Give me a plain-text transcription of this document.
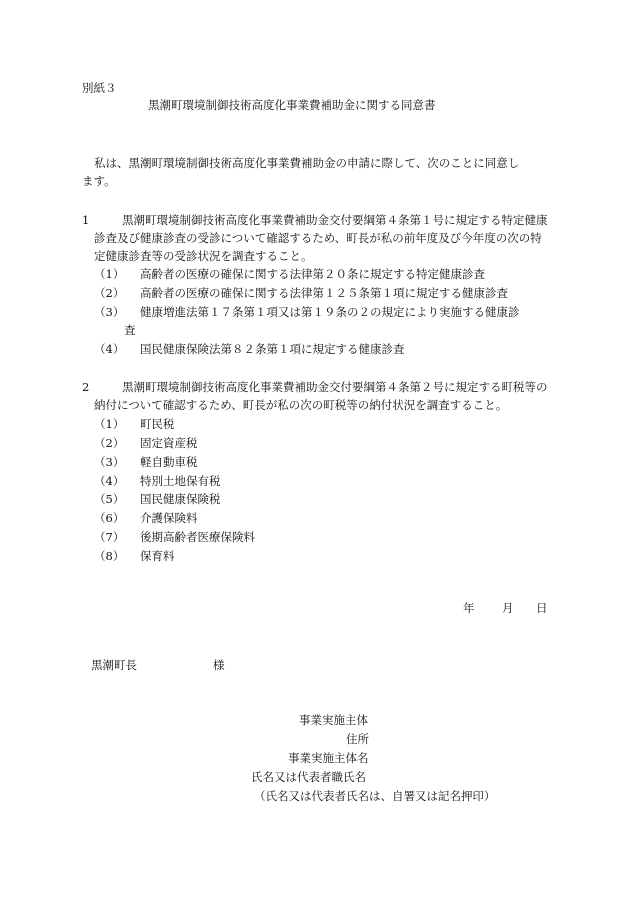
別紙３
黒潮町環境制御技術高度化事業費補助金に関する同意書
私は、黒潮町環境制御技術高度化事業費補助金の申請に際して、次のことに同意し
ます。
1	黒潮町環境制御技術高度化事業費補助金交付要綱第４条第１号に規定する特定健康
診査及び健康診査の受診について確認するため、町長が私の前年度及び今年度の次の特
定健康診査等の受診状況を調査すること。
（1） 高齢者の医療の確保に関する法律第２０条に規定する特定健康診査
（2） 高齢者の医療の確保に関する法律第１２５条第１項に規定する健康診査
（3） 健康増進法第１７条第１項又は第１９条の２の規定により実施する健康診
査
（4） 国民健康保険法第８２条第１項に規定する健康診査
2	黒潮町環境制御技術高度化事業費補助金交付要綱第４条第２号に規定する町税等の
納付について確認するため、町長が私の次の町税等の納付状況を調査すること。
（1） 町民税
（2） 固定資産税
（3） 軽自動車税
（4） 特別土地保有税
（5） 国民健康保険税
（6） 介護保険料
（7） 後期高齢者医療保険料
（8） 保育料
年 月 日
黒潮町長	様
事業実施主体
住所
事業実施主体名
氏名又は代表者職氏名
（氏名又は代表者氏名は、自署又は記名押印）
